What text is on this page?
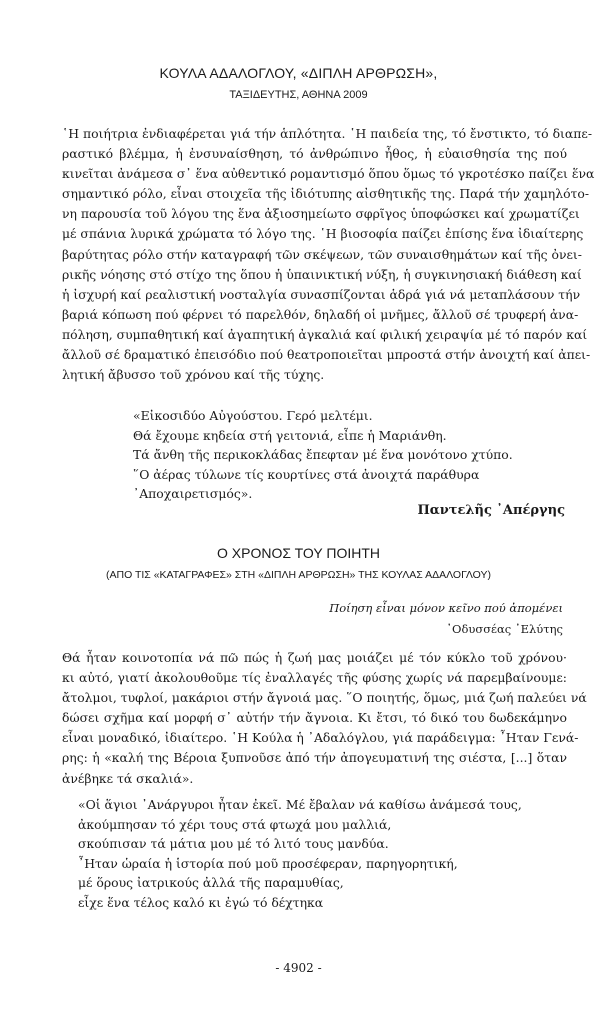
ΚΟΥΛΑ ΑΔΑΛΟΓΛΟΥ, «ΔΙΠΛΗ ΑΡΘΡΩΣΗ»,
ΤΑΞΙΔΕΥΤΗΣ, ΑΘΗΝΑ 2009
῾Η ποιήτρια ἐνδιαφέρεται γιά τήν ἁπλότητα. ῾Η παιδεία της, τό ἔνστικτο, τό διαπε-
ραστικό βλέμμα, ἡ ἐνσυναίσθηση, τό ἀνθρώπινο ἦθος, ἡ εὐαισθησία της πού
κινεῖται ἀνάμεσα σ᾽ ἕνα αὐθεντικό ρομαντισμό ὅπου ὅμως τό γκροτέσκο παίζει ἕνα
σημαντικό ρόλο, εἶναι στοιχεῖα τῆς ἰδιότυπης αἰσθητικῆς της. Παρά τήν χαμηλότο-
νη παρουσία τοῦ λόγου της ἕνα ἀξιοσημείωτο σφρῖγος ὑποφώσκει καί χρωματίζει
μέ σπάνια λυρικά χρώματα τό λόγο της. ῾Η βιοσοφία παίζει ἐπίσης ἕνα ἰδιαίτερης
βαρύτητας ρόλο στήν καταγραφή τῶν σκέψεων, τῶν συναισθημάτων καί τῆς ὀνει-
ρικῆς νόησης στό στίχο της ὅπου ἡ ὑπαινικτική νύξη, ἡ συγκινησιακή διάθεση καί
ἡ ἰσχυρή καί ρεαλιστική νοσταλγία συνασπίζονται ἁδρά γιά νά μεταπλάσουν τήν
βαριά κόπωση πού φέρνει τό παρελθόν, δηλαδή οἱ μνῆμες, ἄλλοῦ σέ τρυφερή ἀνα-
πόληση, συμπαθητική καί ἀγαπητική ἀγκαλιά καί φιλική χειραψία μέ τό παρόν καί
ἄλλοῦ σέ δραματικό ἐπεισόδιο πού θεατροποιεῖται μπροστά στήν ἀνοιχτή καί ἀπει-
λητική ἄβυσσο τοῦ χρόνου καί τῆς τύχης.
«Εἰκοσιδύο Αὐγούστου. Γερό μελτέμι.
Θά ἔχουμε κηδεία στή γειτονιά, εἶπε ἡ Μαριάνθη.
Τά ἄνθη τῆς περικοκλάδας ἔπεφταν μέ ἕνα μονότονο χτύπο.
῞Ο ἀέρας τύλωνε τίς κουρτίνες στά ἀνοιχτά παράθυρα
᾿Αποχαιρετισμός».
Παντελῆς ᾿Απέργης
Ο ΧΡΟΝΟΣ ΤΟΥ ΠΟΙΗΤΗ
(ΑΠΟ ΤΙΣ «ΚΑΤΑΓΡΑΦΕΣ» ΣΤΗ «ΔΙΠΛΗ ΑΡΘΡΩΣΗ» ΤΗΣ ΚΟΥΛΑΣ ΑΔΑΛΟΓΛΟΥ)
Ποίηση εἶναι μόνον κεῖνο πού ἀπομένει
᾿Οδυσσέας ᾿Ελύτης
Θά ἦταν κοινοτοπία νά πῶ πώς ἡ ζωή μας μοιάζει μέ τόν κύκλο τοῦ χρόνου·
κι αὐτό, γιατί ἀκολουθοῦμε τίς ἐναλλαγές τῆς φύσης χωρίς νά παρεμβαίνουμε:
ἄτολμοι, τυφλοί, μακάριοι στήν ἄγνοιά μας. ῞Ο ποιητής, ὅμως, μιά ζωή παλεύει νά
δώσει σχῆμα καί μορφή σ᾽ αὐτήν τήν ἄγνοια. Κι ἔτσι, τό δικό του δωδεκάμηνο
εἶναι μοναδικό, ἰδιαίτερο. ῾Η Κούλα ἡ ᾿Αδαλόγλου, γιά παράδειγμα: ῏Ηταν Γενά-
ρης: ἡ «καλή της Βέροια ξυπνοῦσε ἀπό τήν ἀπογευματινή της σιέστα, [...] ὅταν
ἀνέβηκε τά σκαλιά».
«Οἱ ἅγιοι ᾿Ανάργυροι ἦταν ἐκεῖ. Μέ ἔβαλαν νά καθίσω ἀνάμεσά τους,
ἀκούμπησαν τό χέρι τους στά φτωχά μου μαλλιά,
σκούπισαν τά μάτια μου μέ τό λιτό τους μανδύα.
῏Ηταν ὡραία ἡ ἱστορία πού μοῦ προσέφεραν, παρηγορητική,
μέ ὅρους ἰατρικούς ἀλλά τῆς παραμυθίας,
εἶχε ἕνα τέλος καλό κι ἐγώ τό δέχτηκα
- 4902 -
